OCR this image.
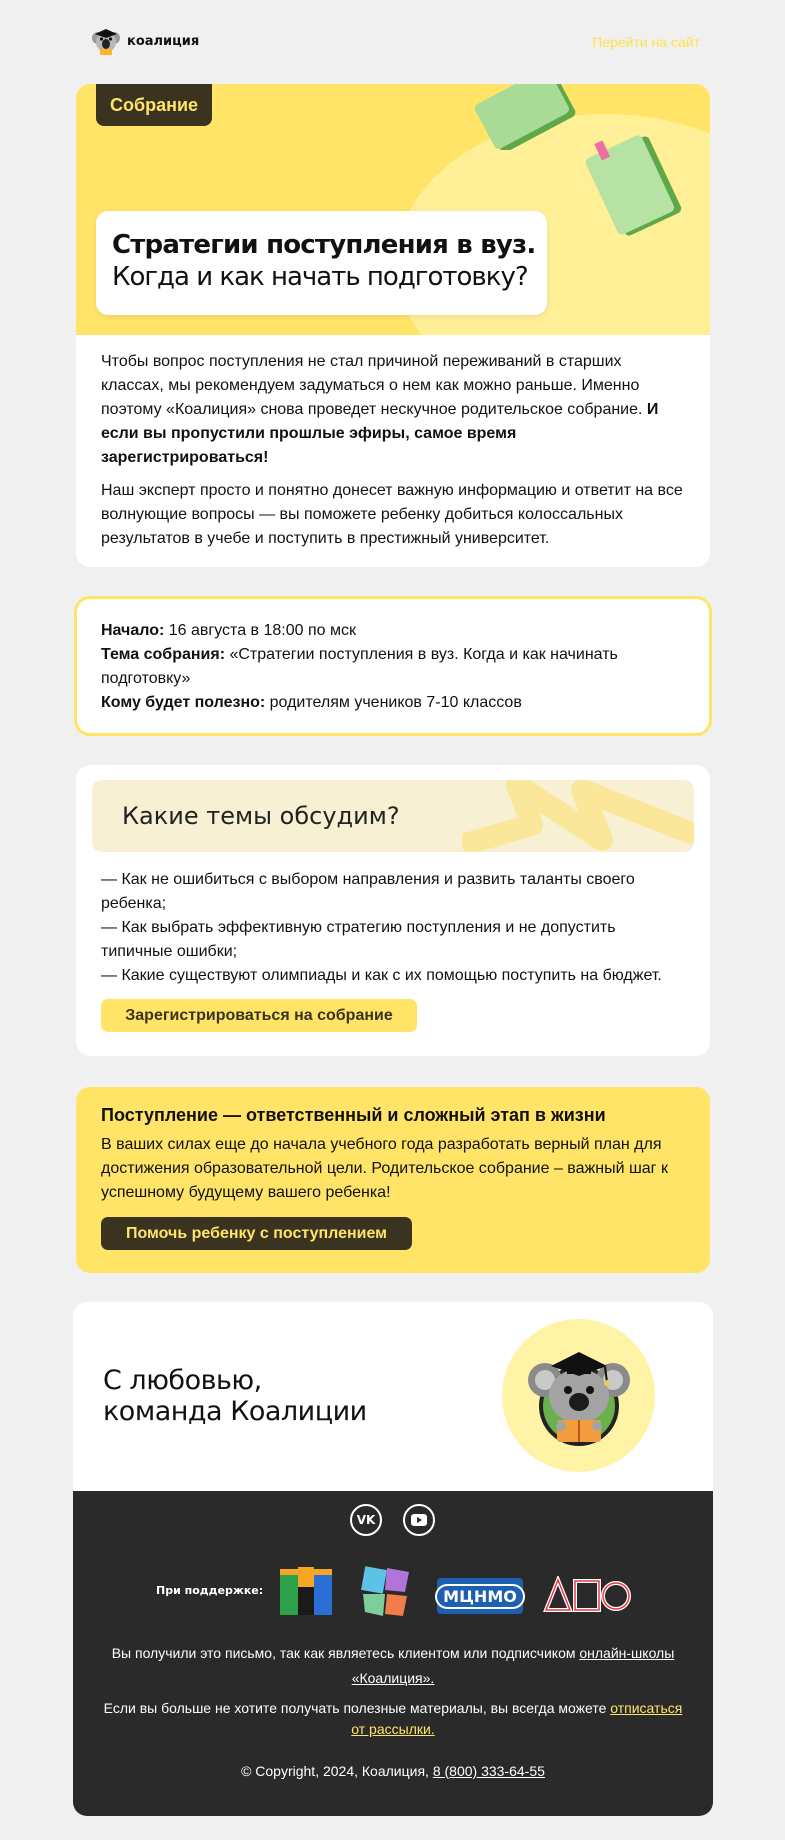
коалиция	Перейти на сайт
Собрание
Стратегии поступления в вуз.
Когда и как начать подготовку?

Чтобы вопрос поступления не стал причиной переживаний в старших классах, мы рекомендуем задуматься о нем как можно раньше. Именно поэтому «Коалиция» снова проведет нескучное родительское собрание. И если вы пропустили прошлые эфиры, самое время зарегистрироваться!

Наш эксперт просто и понятно донесет важную информацию и ответит на все волнующие вопросы — вы поможете ребенку добиться колоссальных результатов в учебе и поступить в престижный университет.

Начало: 16 августа в 18:00 по мск
Тема собрания: «Стратегии поступления в вуз. Когда и как начинать подготовку»
Кому будет полезно: родителям учеников 7-10 классов
Какие темы обсудим?
— Как не ошибиться с выбором направления и развить таланты своего ребенка;
— Как выбрать эффективную стратегию поступления и не допустить типичные ошибки;
— Какие существуют олимпиады и как с их помощью поступить на бюджет.
Зарегистрироваться на собрание
Поступление — ответственный и сложный этап в жизни
В ваших силах еще до начала учебного года разработать верный план для достижения образовательной цели. Родительское собрание – важный шаг к успешному будущему вашего ребенка!
Помочь ребенку с поступлением
С любовью,
команда Коалиции
VK
При поддержке:	МЦНМО
Вы получили это письмо, так как являетесь клиентом или подписчиком онлайн-школы «Коалиция».
Если вы больше не хотите получать полезные материалы, вы всегда можете отписаться от рассылки.
© Copyright, 2024, Коалиция, 8 (800) 333-64-55
